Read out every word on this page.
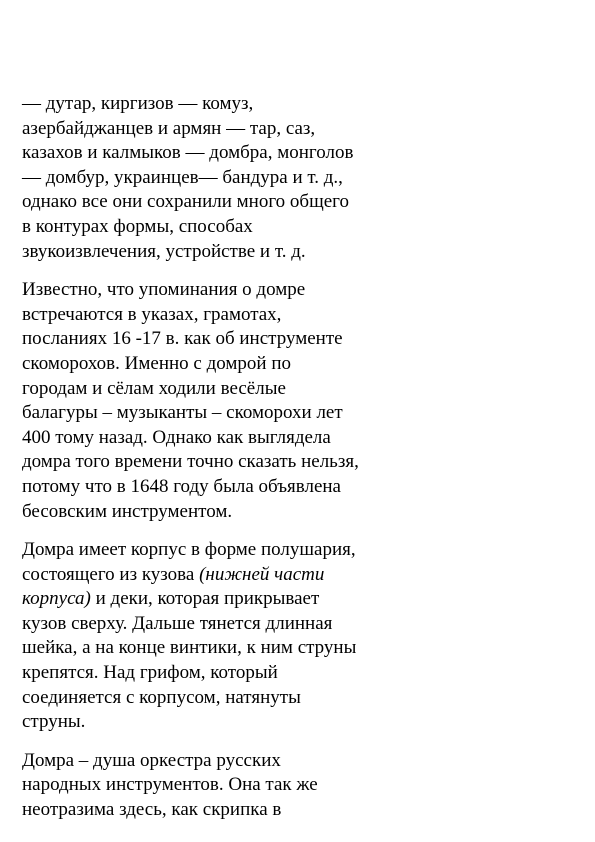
— дутар, киргизов — комуз,
азербайджанцев и армян — тар, саз,
казахов и калмыков — домбра, монголов
— домбур, украинцев— бандура и т. д.,
однако все они сохранили много общего
в контурах формы, способах
звукоизвлечения, устройстве и т. д.
Известно, что упоминания о домре
встречаются в указах, грамотах,
посланиях 16 -17 в. как об инструменте
скоморохов. Именно с домрой по
городам и сёлам ходили весёлые
балагуры – музыканты – скоморохи лет
400 тому назад. Однако как выглядела
домра того времени точно сказать нельзя,
потому что в 1648 году была объявлена
бесовским инструментом.
Домра имеет корпус в форме полушария,
состоящего из кузова (нижней части
корпуса) и деки, которая прикрывает
кузов сверху. Дальше тянется длинная
шейка, а на конце винтики, к ним струны
крепятся. Над грифом, который
соединяется с корпусом, натянуты
струны.
Домра – душа оркестра русских
народных инструментов. Она так же
неотразима здесь, как скрипка в
